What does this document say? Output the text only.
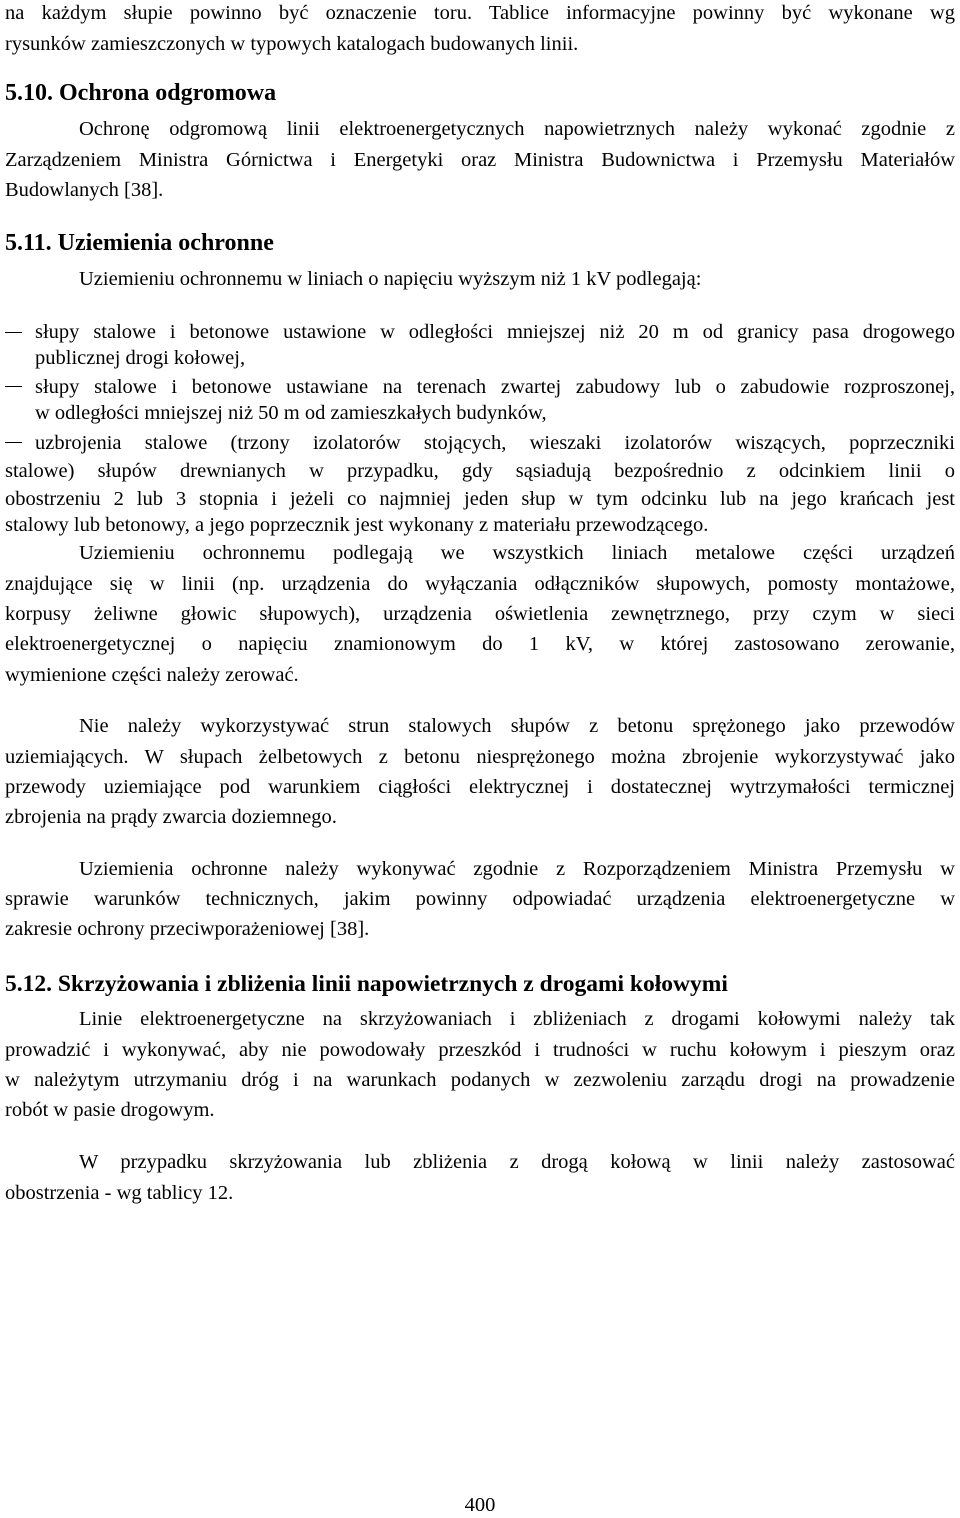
na każdym słupie powinno być oznaczenie toru. Tablice informacyjne powinny być wykonane wg
rysunków zamieszczonych w typowych katalogach budowanych linii.
5.10. Ochrona odgromowa
Ochronę odgromową linii elektroenergetycznych napowietrznych należy wykonać zgodnie z
Zarządzeniem Ministra Górnictwa i Energetyki oraz Ministra Budownictwa i Przemysłu Materiałów
Budowlanych [38].
5.11. Uziemienia ochronne
Uziemieniu ochronnemu w liniach o napięciu wyższym niż 1 kV podlegają:
słupy stalowe i betonowe ustawione w odległości mniejszej niż 20 m od granicy pasa drogowego
publicznej drogi kołowej,
słupy stalowe i betonowe ustawiane na terenach zwartej zabudowy lub o zabudowie rozproszonej,
w odległości mniejszej niż 50 m od zamieszkałych budynków,
uzbrojenia stalowe (trzony izolatorów stojących, wieszaki izolatorów wiszących, poprzeczniki
stalowe) słupów drewnianych w przypadku, gdy sąsiadują bezpośrednio z odcinkiem linii o
obostrzeniu 2 lub 3 stopnia i jeżeli co najmniej jeden słup w tym odcinku lub na jego krańcach jest
stalowy lub betonowy, a jego poprzecznik jest wykonany z materiału przewodzącego.
Uziemieniu ochronnemu podlegają we wszystkich liniach metalowe części urządzeń
znajdujące się w linii (np. urządzenia do wyłączania odłączników słupowych, pomosty montażowe,
korpusy żeliwne głowic słupowych), urządzenia oświetlenia zewnętrznego, przy czym w sieci
elektroenergetycznej o napięciu znamionowym do 1 kV, w której zastosowano zerowanie,
wymienione części należy zerować.
Nie należy wykorzystywać strun stalowych słupów z betonu sprężonego jako przewodów
uziemiających. W słupach żelbetowych z betonu niesprężonego można zbrojenie wykorzystywać jako
przewody uziemiające pod warunkiem ciągłości elektrycznej i dostatecznej wytrzymałości termicznej
zbrojenia na prądy zwarcia doziemnego.
Uziemienia ochronne należy wykonywać zgodnie z Rozporządzeniem Ministra Przemysłu w
sprawie warunków technicznych, jakim powinny odpowiadać urządzenia elektroenergetyczne w
zakresie ochrony przeciwporażeniowej [38].
5.12. Skrzyżowania i zbliżenia linii napowietrznych z drogami kołowymi
Linie elektroenergetyczne na skrzyżowaniach i zbliżeniach z drogami kołowymi należy tak
prowadzić i wykonywać, aby nie powodowały przeszkód i trudności w ruchu kołowym i pieszym oraz
w należytym utrzymaniu dróg i na warunkach podanych w zezwoleniu zarządu drogi na prowadzenie
robót w pasie drogowym.
W przypadku skrzyżowania lub zbliżenia z drogą kołową w linii należy zastosować
obostrzenia - wg tablicy 12.
400
